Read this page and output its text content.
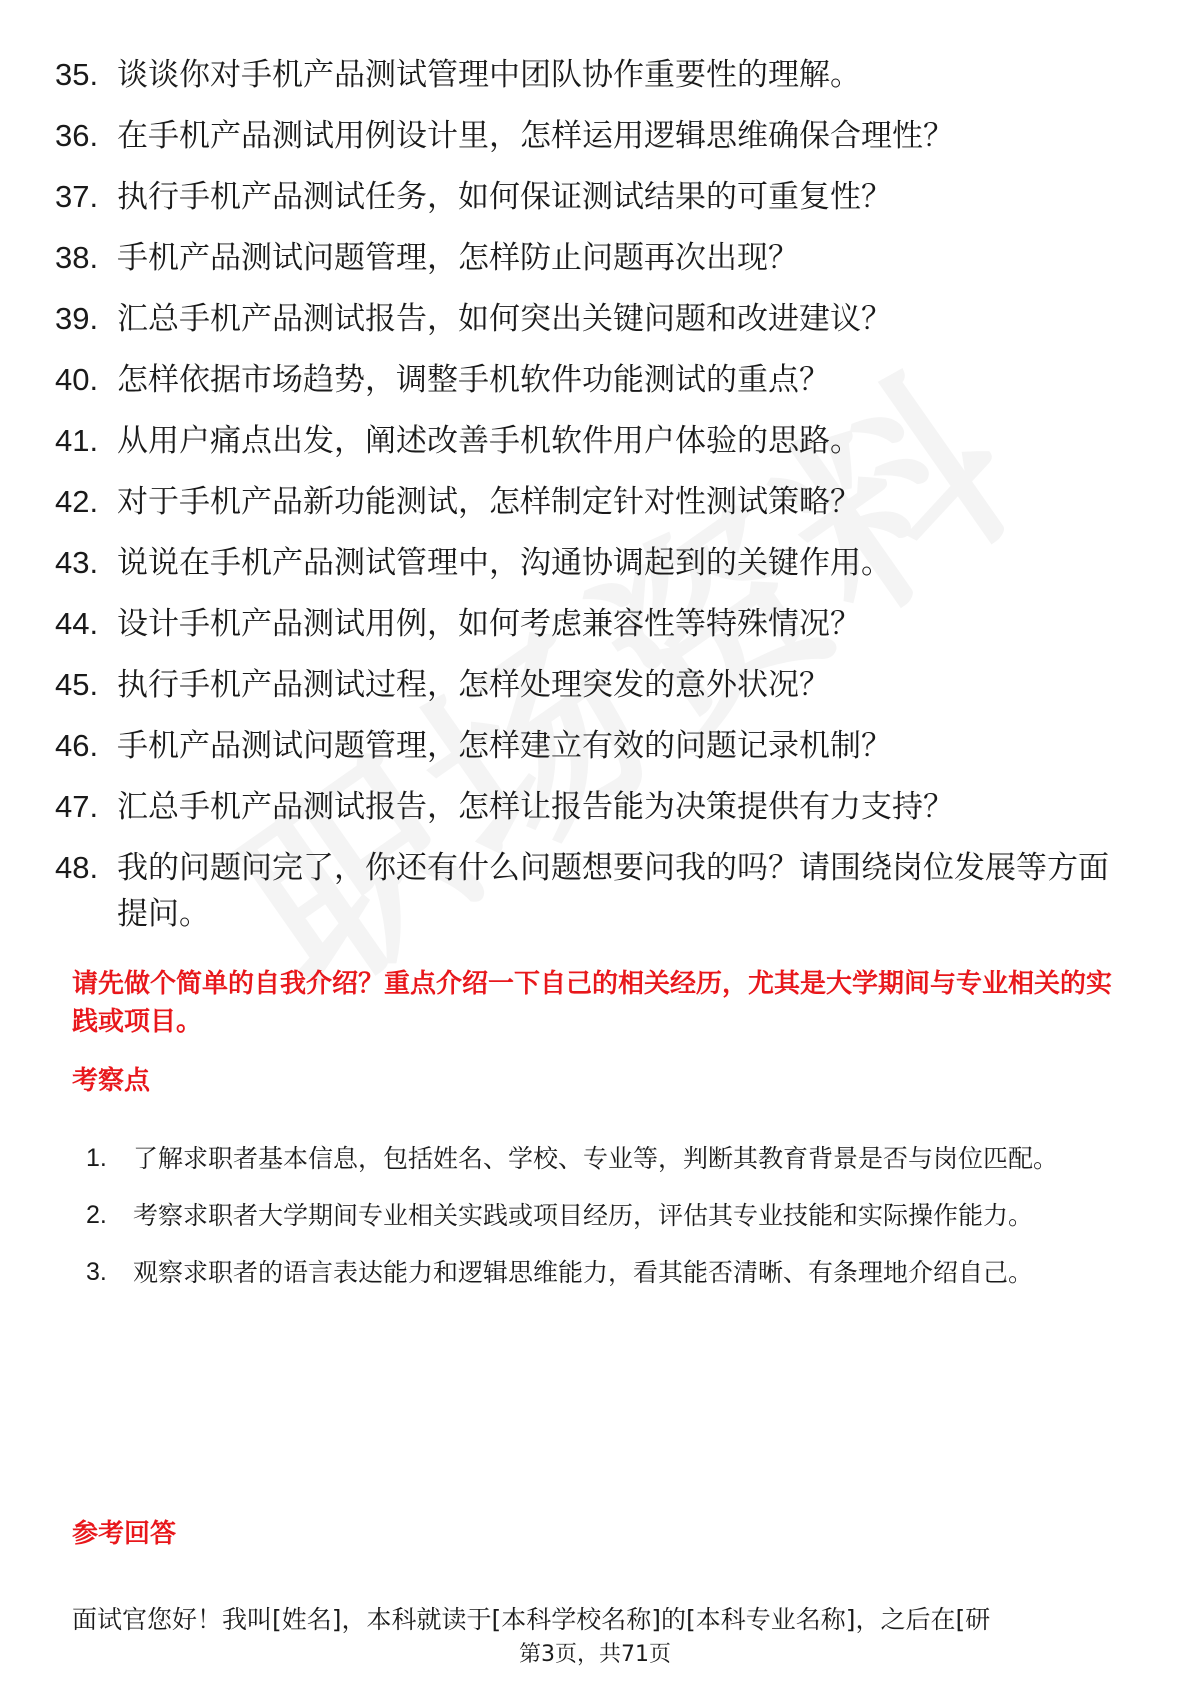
35. 谈谈你对手机产品测试管理中团队协作重要性的理解。
36. 在手机产品测试用例设计里，怎样运用逻辑思维确保合理性？
37. 执行手机产品测试任务，如何保证测试结果的可重复性？
38. 手机产品测试问题管理，怎样防止问题再次出现？
39. 汇总手机产品测试报告，如何突出关键问题和改进建议？
40. 怎样依据市场趋势，调整手机软件功能测试的重点？
41. 从用户痛点出发，阐述改善手机软件用户体验的思路。
42. 对于手机产品新功能测试，怎样制定针对性测试策略？
43. 说说在手机产品测试管理中，沟通协调起到的关键作用。
44. 设计手机产品测试用例，如何考虑兼容性等特殊情况？
45. 执行手机产品测试过程，怎样处理突发的意外状况？
46. 手机产品测试问题管理，怎样建立有效的问题记录机制？
47. 汇总手机产品测试报告，怎样让报告能为决策提供有力支持？
48. 我的问题问完了，你还有什么问题想要问我的吗？请围绕岗位发展等方面提问。
请先做个简单的自我介绍？重点介绍一下自己的相关经历，尤其是大学期间与专业相关的实践或项目。
考察点
1.	了解求职者基本信息，包括姓名、学校、专业等，判断其教育背景是否与岗位匹配。
2.	考察求职者大学期间专业相关实践或项目经历，评估其专业技能和实际操作能力。
3.	观察求职者的语言表达能力和逻辑思维能力，看其能否清晰、有条理地介绍自己。
参考回答
面试官您好！我叫[姓名]，本科就读于[本科学校名称]的[本科专业名称]，之后在[研
第3页，共71页
